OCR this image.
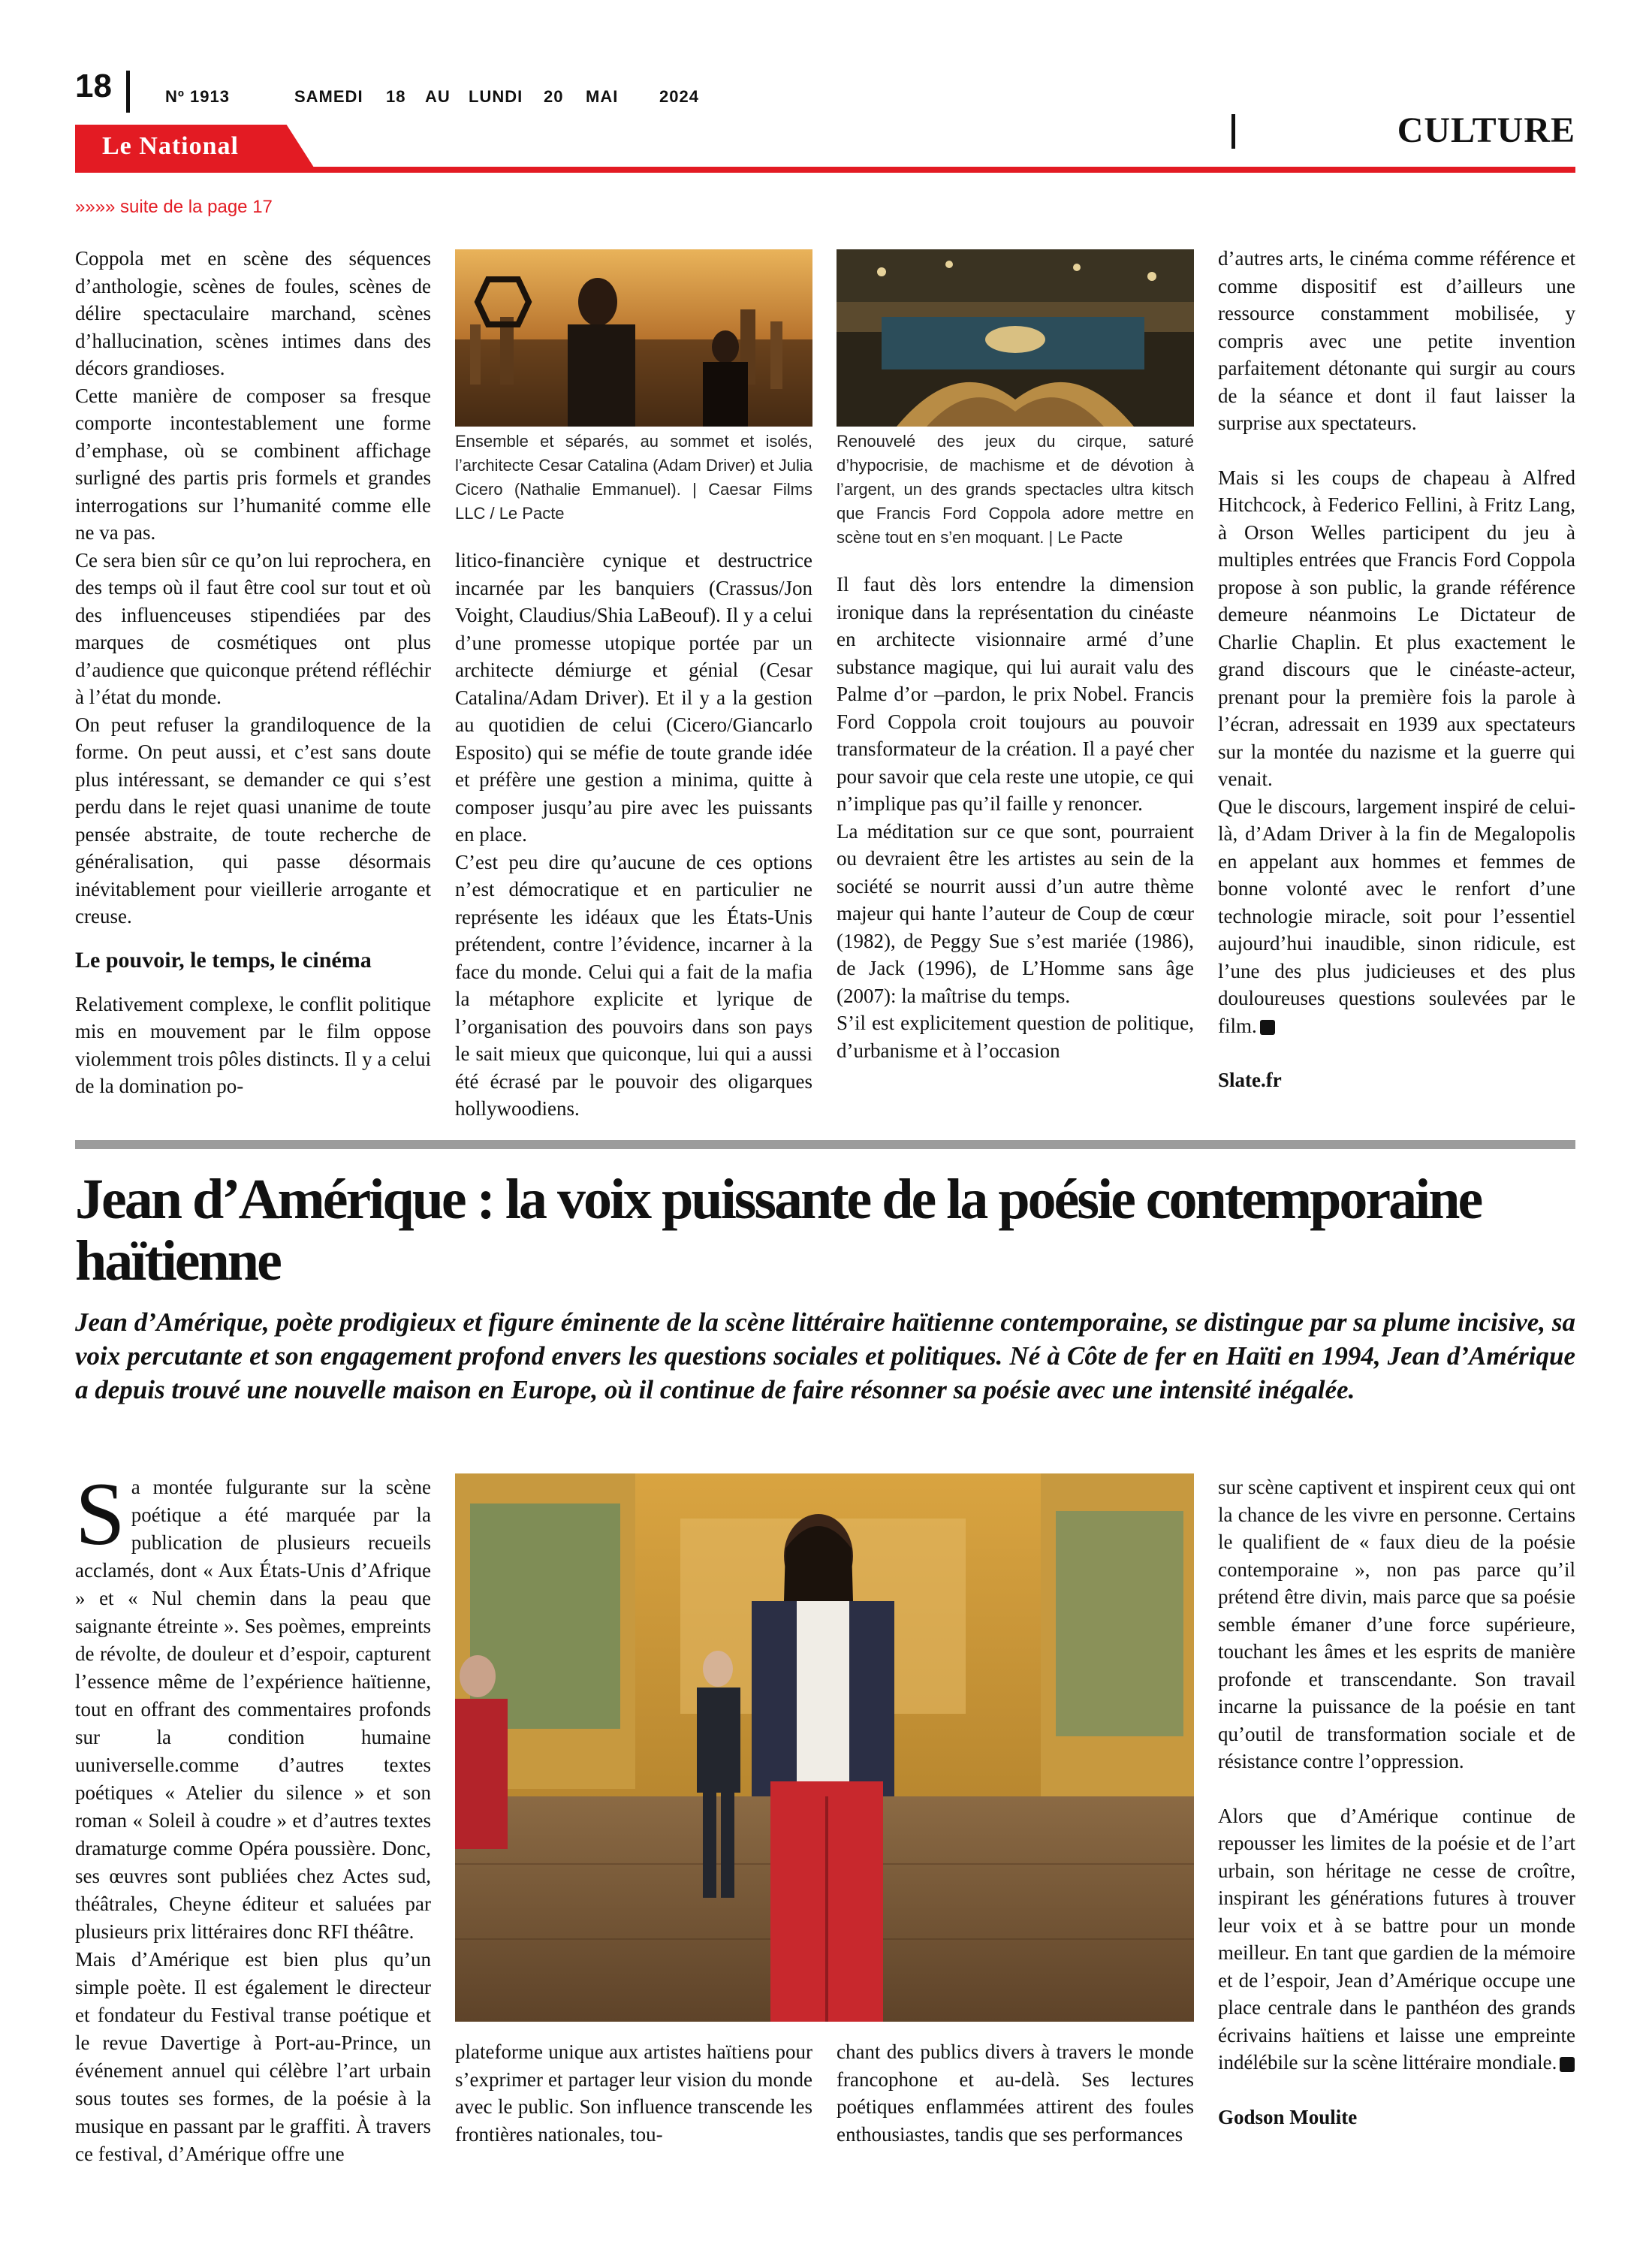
18	Nº 1913	SAMEDI 18 AU LUNDI 20 MAI 2024
CULTURE
Le National
»»»» suite de la page 17

Coppola met en scène des séquences d’anthologie, scènes de foules, scènes de délire spectaculaire marchand, scènes d’hallucination, scènes intimes dans des décors grandioses.

Cette manière de composer sa fresque comporte incontestablement une forme d’emphase, où se combinent affichage surligné des partis pris formels et grandes interrogations sur l’humanité comme elle ne va pas.

Ce sera bien sûr ce qu’on lui reprochera, en des temps où il faut être cool sur tout et où des influenceuses stipendiées par des marques de cosmétiques ont plus d’audience que quiconque prétend réfléchir à l’état du monde.

On peut refuser la grandiloquence de la forme. On peut aussi, et c’est sans doute plus intéressant, se demander ce qui s’est perdu dans le rejet quasi unanime de toute pensée abstraite, de toute recherche de généralisation, qui passe désormais inévitablement pour vieillerie arrogante et creuse.

Le pouvoir, le temps, le cinéma

Relativement complexe, le conflit politique mis en mouvement par le film oppose violemment trois pôles distincts. Il y a celui de la domination po-

Ensemble et séparés, au sommet et isolés, l’architecte Cesar Catalina (Adam Driver) et Julia Cicero (Nathalie Emmanuel). | Caesar Films LLC / Le Pacte

litico-financière cynique et destructrice incarnée par les banquiers (Crassus/Jon Voight, Claudius/Shia LaBeouf). Il y a celui d’une promesse utopique portée par un architecte démiurge et génial (Cesar Catalina/Adam Driver). Et il y a la gestion au quotidien de celui (Cicero/Giancarlo Esposito) qui se méfie de toute grande idée et préfère une gestion a minima, quitte à composer jusqu’au pire avec les puissants en place.

C’est peu dire qu’aucune de ces options n’est démocratique et en particulier ne représente les idéaux que les États-Unis prétendent, contre l’évidence, incarner à la face du monde. Celui qui a fait de la mafia la métaphore explicite et lyrique de l’organisation des pouvoirs dans son pays le sait mieux que quiconque, lui qui a aussi été écrasé par le pouvoir des oligarques hollywoodiens.

Renouvelé des jeux du cirque, saturé d’hypocrisie, de machisme et de dévotion à l’argent, un des grands spectacles ultra kitsch que Francis Ford Coppola adore mettre en scène tout en s’en moquant. | Le Pacte

Il faut dès lors entendre la dimension ironique dans la représentation du cinéaste en architecte visionnaire armé d’une substance magique, qui lui aurait valu des Palme d’or –pardon, le prix Nobel. Francis Ford Coppola croit toujours au pouvoir transformateur de la création. Il a payé cher pour savoir que cela reste une utopie, ce qui n’implique pas qu’il faille y renoncer.

La méditation sur ce que sont, pourraient ou devraient être les artistes au sein de la société se nourrit aussi d’un autre thème majeur qui hante l’auteur de Coup de cœur (1982), de Peggy Sue s’est mariée (1986), de Jack (1996), de L’Homme sans âge (2007): la maîtrise du temps.

S’il est explicitement question de politique, d’urbanisme et à l’occasion

d’autres arts, le cinéma comme référence et comme dispositif est d’ailleurs une ressource constamment mobilisée, y compris avec une petite invention parfaitement détonante qui surgir au cours de la séance et dont il faut laisser la surprise aux spectateurs.

Mais si les coups de chapeau à Alfred Hitchcock, à Federico Fellini, à Fritz Lang, à Orson Welles participent du jeu à multiples entrées que Francis Ford Coppola propose à son public, la grande référence demeure néanmoins Le Dictateur de Charlie Chaplin. Et plus exactement le grand discours que le cinéaste-acteur, prenant pour la première fois la parole à l’écran, adressait en 1939 aux spectateurs sur la montée du nazisme et la guerre qui venait.

Que le discours, largement inspiré de celui-là, d’Adam Driver à la fin de Megalopolis en appelant aux hommes et femmes de bonne volonté avec le renfort d’une technologie miracle, soit pour l’essentiel aujourd’hui inaudible, sinon ridicule, est l’une des plus judicieuses et des plus douloureuses questions soulevées par le film.

Slate.fr

Jean d’Amérique : la voix puissante de la poésie contemporaine haïtienne
Jean d’Amérique, poète prodigieux et figure éminente de la scène littéraire haïtienne contemporaine, se distingue par sa plume incisive, sa voix percutante et son engagement profond envers les questions sociales et politiques. Né à Côte de fer en Haïti en 1994, Jean d’Amérique a depuis trouvé une nouvelle maison en Europe, où il continue de faire résonner sa poésie avec une intensité inégalée.

Sa montée fulgurante sur la scène poétique a été marquée par la publication de plusieurs recueils acclamés, dont « Aux États-Unis d’Afrique » et « Nul chemin dans la peau que saignante étreinte ». Ses poèmes, empreints de révolte, de douleur et d’espoir, capturent l’essence même de l’expérience haïtienne, tout en offrant des commentaires profonds sur la condition humaine uuniverselle.comme d’autres textes poétiques « Atelier du silence » et son roman « Soleil à coudre » et d’autres textes dramaturge comme Opéra poussière. Donc, ses œuvres sont publiées chez Actes sud, théâtrales, Cheyne éditeur et saluées par plusieurs prix littéraires donc RFI théâtre.

Mais d’Amérique est bien plus qu’un simple poète. Il est également le directeur et fondateur du Festival transe poétique et le revue Davertige à Port-au-Prince, un événement annuel qui célèbre l’art urbain sous toutes ses formes, de la poésie à la musique en passant par le graffiti. À travers ce festival, d’Amérique offre une

plateforme unique aux artistes haïtiens pour s’exprimer et partager leur vision du monde avec le public. Son influence transcende les frontières nationales, tou-

chant des publics divers à travers le monde francophone et au-delà. Ses lectures poétiques enflammées attirent des foules enthousiastes, tandis que ses performances

sur scène captivent et inspirent ceux qui ont la chance de les vivre en personne. Certains le qualifient de « faux dieu de la poésie contemporaine », non pas parce qu’il prétend être divin, mais parce que sa poésie semble émaner d’une force supérieure, touchant les âmes et les esprits de manière profonde et transcendante. Son travail incarne la puissance de la poésie en tant qu’outil de transformation sociale et de résistance contre l’oppression.

Alors que d’Amérique continue de repousser les limites de la poésie et de l’art urbain, son héritage ne cesse de croître, inspirant les générations futures à trouver leur voix et à se battre pour un monde meilleur. En tant que gardien de la mémoire et de l’espoir, Jean d’Amérique occupe une place centrale dans le panthéon des grands écrivains haïtiens et laisse une empreinte indélébile sur la scène littéraire mondiale.

Godson Moulite
